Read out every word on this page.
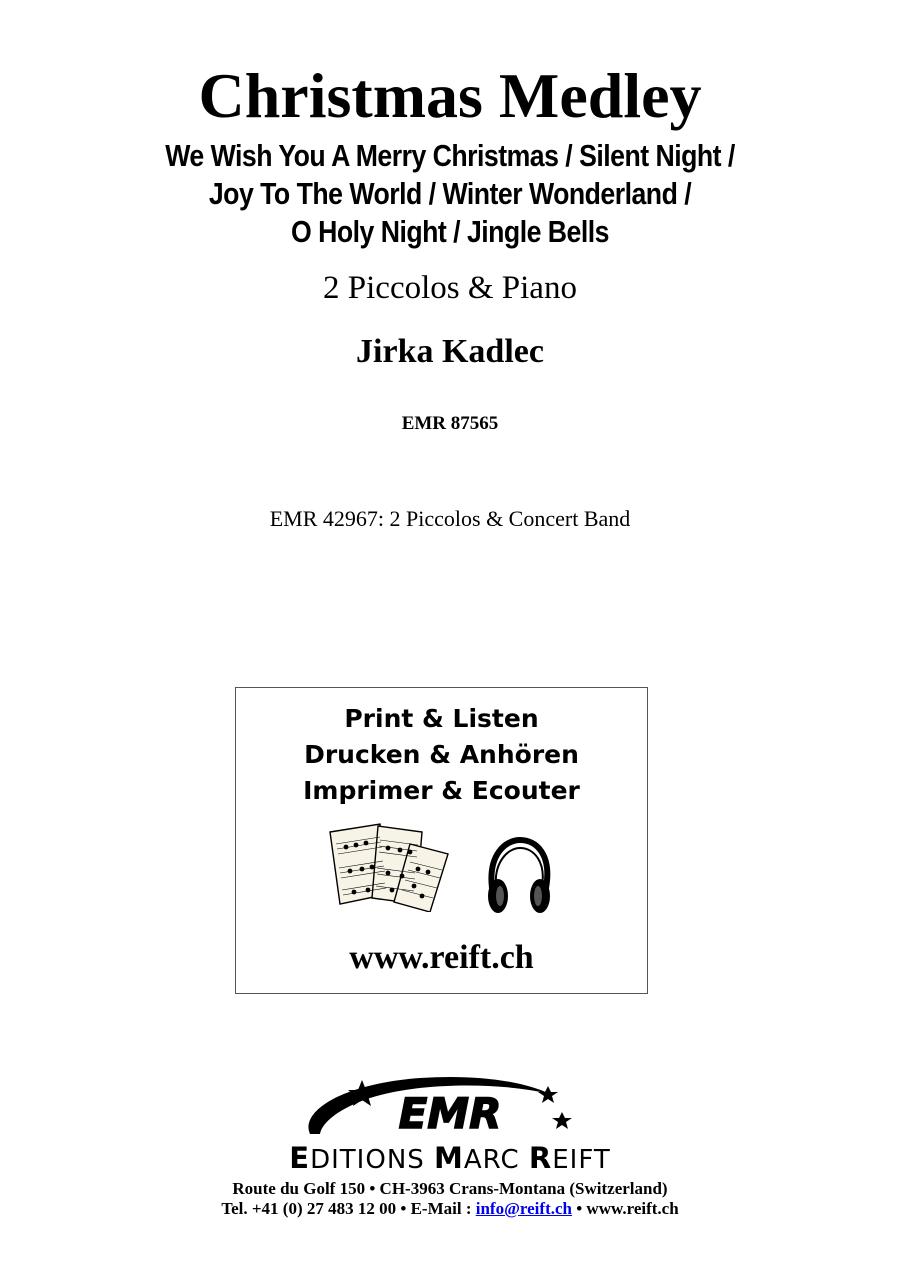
Christmas Medley
We Wish You A Merry Christmas / Silent Night /
Joy To The World / Winter Wonderland /
O Holy Night / Jingle Bells
2 Piccolos & Piano
Jirka Kadlec
EMR 87565
EMR 42967: 2 Piccolos & Concert Band
Print & Listen
Drucken & Anhören
Imprimer & Ecouter
www.reift.ch
EMR
EDITIONS MARC REIFT
Route du Golf 150 • CH-3963 Crans-Montana (Switzerland)
Tel. +41 (0) 27 483 12 00 • E-Mail : info@reift.ch • www.reift.ch
